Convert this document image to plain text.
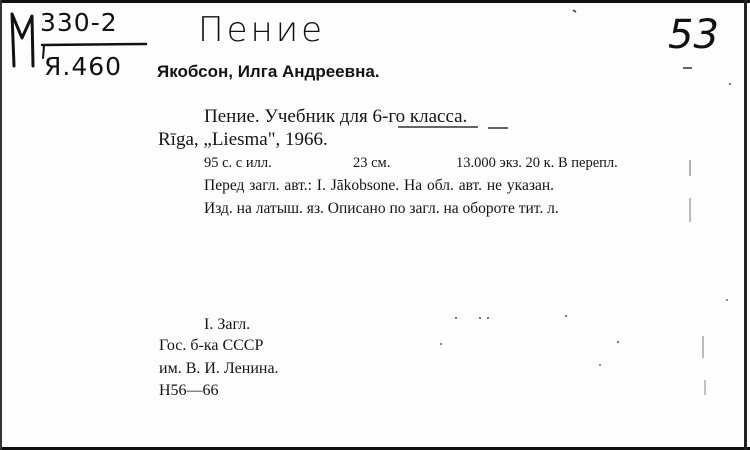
330-2
Я.460
Пение	53
Якобсон, Илга Андреевна.
Пение. Учебник для 6-го класса.
Rīga, „Liesma", 1966.
95 с. с илл.	23 см.	13.000 экз. 20 к. В перепл.
Перед загл. авт.: I. Jākobsone. На обл. авт. не указан.
Изд. на латыш. яз. Описано по загл. на обороте тит. л.
I. Загл.
Гос. б-ка СССР
им. В. И. Ленина.
Н56—66
